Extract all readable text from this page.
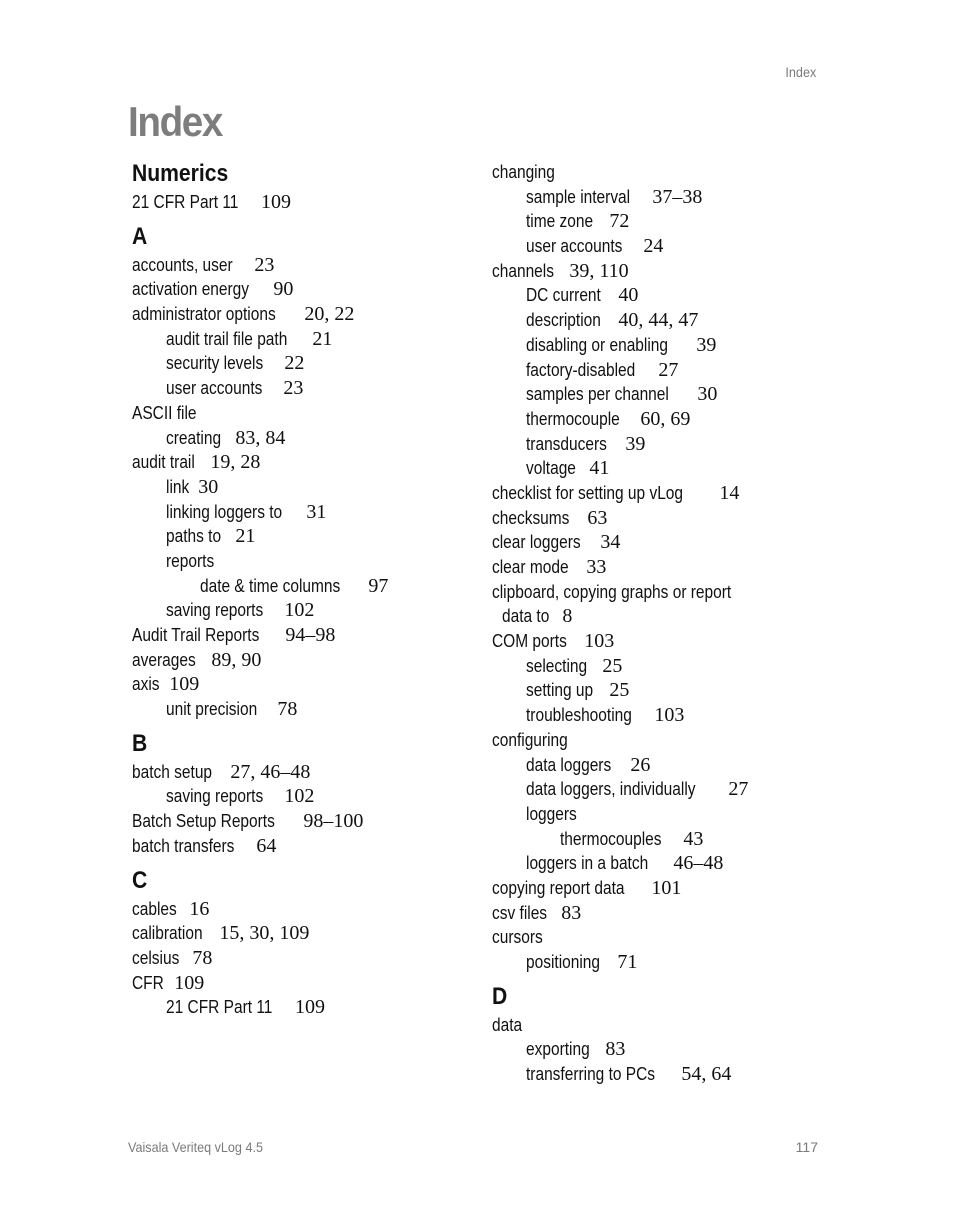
Index
Index
Numerics
21 CFR Part 11 109
A
accounts, user 23
activation energy 90
administrator options 20, 22
audit trail file path 21
security levels 22
user accounts 23
ASCII file
creating 83, 84
audit trail 19, 28
link 30
linking loggers to 31
paths to 21
reports
date & time columns 97
saving reports 102
Audit Trail Reports 94–98
averages 89, 90
axis 109
unit precision 78
B
batch setup 27, 46–48
saving reports 102
Batch Setup Reports 98–100
batch transfers 64
C
cables 16
calibration 15, 30, 109
celsius 78
CFR 109
21 CFR Part 11 109
changing
sample interval 37–38
time zone 72
user accounts 24
channels 39, 110
DC current 40
description 40, 44, 47
disabling or enabling 39
factory-disabled 27
samples per channel 30
thermocouple 60, 69
transducers 39
voltage 41
checklist for setting up vLog 14
checksums 63
clear loggers 34
clear mode 33
clipboard, copying graphs or report
data to 8
COM ports 103
selecting 25
setting up 25
troubleshooting 103
configuring
data loggers 26
data loggers, individually 27
loggers
thermocouples 43
loggers in a batch 46–48
copying report data 101
csv files 83
cursors
positioning 71
D
data
exporting 83
transferring to PCs 54, 64
Vaisala Veriteq vLog 4.5	117
